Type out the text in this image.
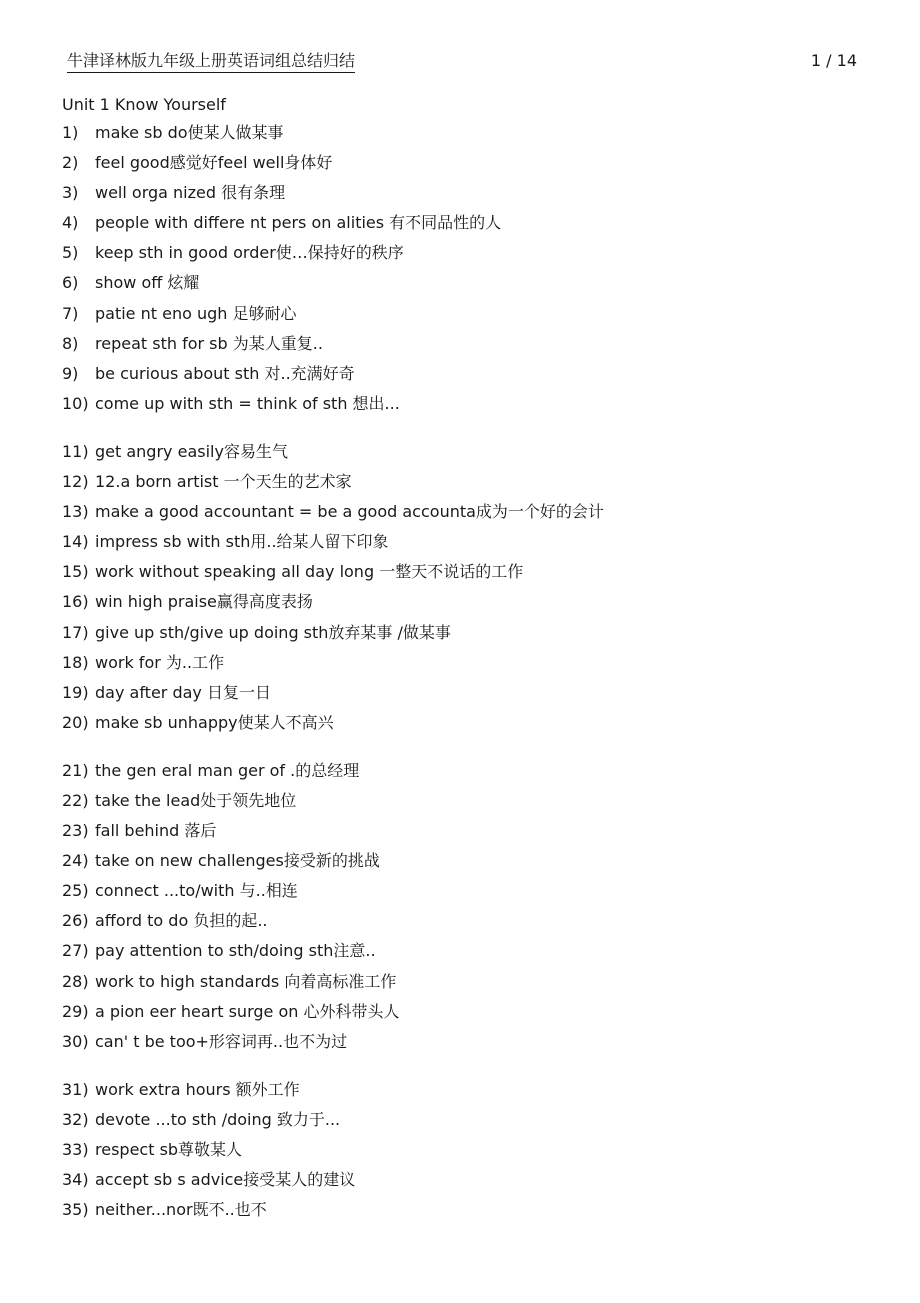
牛津译林版九年级上册英语词组总结归结	1 / 14
Unit 1 Know Yourself
1)	make sb do使某人做某事
2)	feel good感觉好feel well身体好
3)	well orga nized 很有条理
4)	people with differe nt pers on alities 有不同品性的人
5)	keep sth in good order使…保持好的秩序
6)	show off 炫耀
7)	patie nt eno ugh 足够耐心
8)	repeat sth for sb 为某人重复..
9)	be curious about sth 对..充满好奇
10) come up with sth = think of sth 想出...
11) get angry easily容易生气
12) 12.a born artist 一个天生的艺术家
13) make a good accountant = be a good accounta成为一个好的会计
14) impress sb with sth用..给某人留下印象
15) work without speaking all day long 一整天不说话的工作
16) win high praise赢得高度表扬
17) give up sth/give up doing sth放弃某事 /做某事
18) work for 为..工作
19) day after day 日复一日
20) make sb unhappy使某人不高兴
21) the gen eral man ger of .的总经理
22) take the lead处于领先地位
23) fall behind 落后
24) take on new challenges接受新的挑战
25) connect ...to/with 与..相连
26) afford to do 负担的起..
27) pay attention to sth/doing sth注意..
28) work to high standards 向着高标准工作
29) a pion eer heart surge on 心外科带头人
30) can' t be too+形容词再..也不为过
31) work extra hours 额外工作
32) devote ...to sth /doing 致力于...
33) respect sb尊敬某人
34) accept sb s advice接受某人的建议
35) neither...nor既不..也不
